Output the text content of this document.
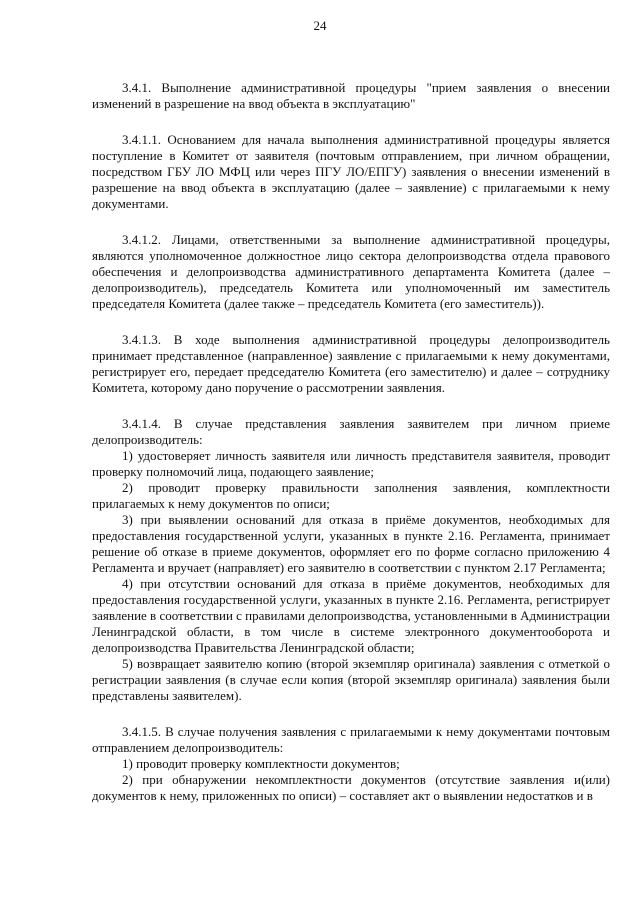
24

3.4.1. Выполнение административной процедуры "прием заявления о внесении изменений в разрешение на ввод объекта в эксплуатацию"

3.4.1.1. Основанием для начала выполнения административной процедуры является поступление в Комитет от заявителя (почтовым отправлением, при личном обращении, посредством ГБУ ЛО МФЦ или через ПГУ ЛО/ЕПГУ) заявления о внесении изменений в разрешение на ввод объекта в эксплуатацию (далее – заявление) с прилагаемыми к нему документами.

3.4.1.2. Лицами, ответственными за выполнение административной процедуры, являются уполномоченное должностное лицо сектора делопроизводства отдела правового обеспечения и делопроизводства административного департамента Комитета (далее – делопроизводитель), председатель Комитета или уполномоченный им заместитель председателя Комитета (далее также – председатель Комитета (его заместитель)).

3.4.1.3. В ходе выполнения административной процедуры делопроизводитель принимает представленное (направленное) заявление с прилагаемыми к нему документами, регистрирует его, передает председателю Комитета (его заместителю) и далее – сотруднику Комитета, которому дано поручение о рассмотрении заявления.

3.4.1.4. В случае представления заявления заявителем при личном приеме делопроизводитель:

1) удостоверяет личность заявителя или личность представителя заявителя, проводит проверку полномочий лица, подающего заявление;

2) проводит проверку правильности заполнения заявления, комплектности прилагаемых к нему документов по описи;

3) при выявлении оснований для отказа в приёме документов, необходимых для предоставления государственной услуги, указанных в пункте 2.16. Регламента, принимает решение об отказе в приеме документов, оформляет его по форме согласно приложению 4 Регламента и вручает (направляет) его заявителю в соответствии с пунктом 2.17 Регламента;

4) при отсутствии оснований для отказа в приёме документов, необходимых для предоставления государственной услуги, указанных в пункте 2.16. Регламента, регистрирует заявление в соответствии с правилами делопроизводства, установленными в Администрации Ленинградской области, в том числе в системе электронного документооборота и делопроизводства Правительства Ленинградской области;

5) возвращает заявителю копию (второй экземпляр оригинала) заявления с отметкой о регистрации заявления (в случае если копия (второй экземпляр оригинала) заявления были представлены заявителем).

3.4.1.5. В случае получения заявления с прилагаемыми к нему документами почтовым отправлением делопроизводитель:

1) проводит проверку комплектности документов;

2) при обнаружении некомплектности документов (отсутствие заявления и(или) документов к нему, приложенных по описи) – составляет акт о выявлении недостатков и в
